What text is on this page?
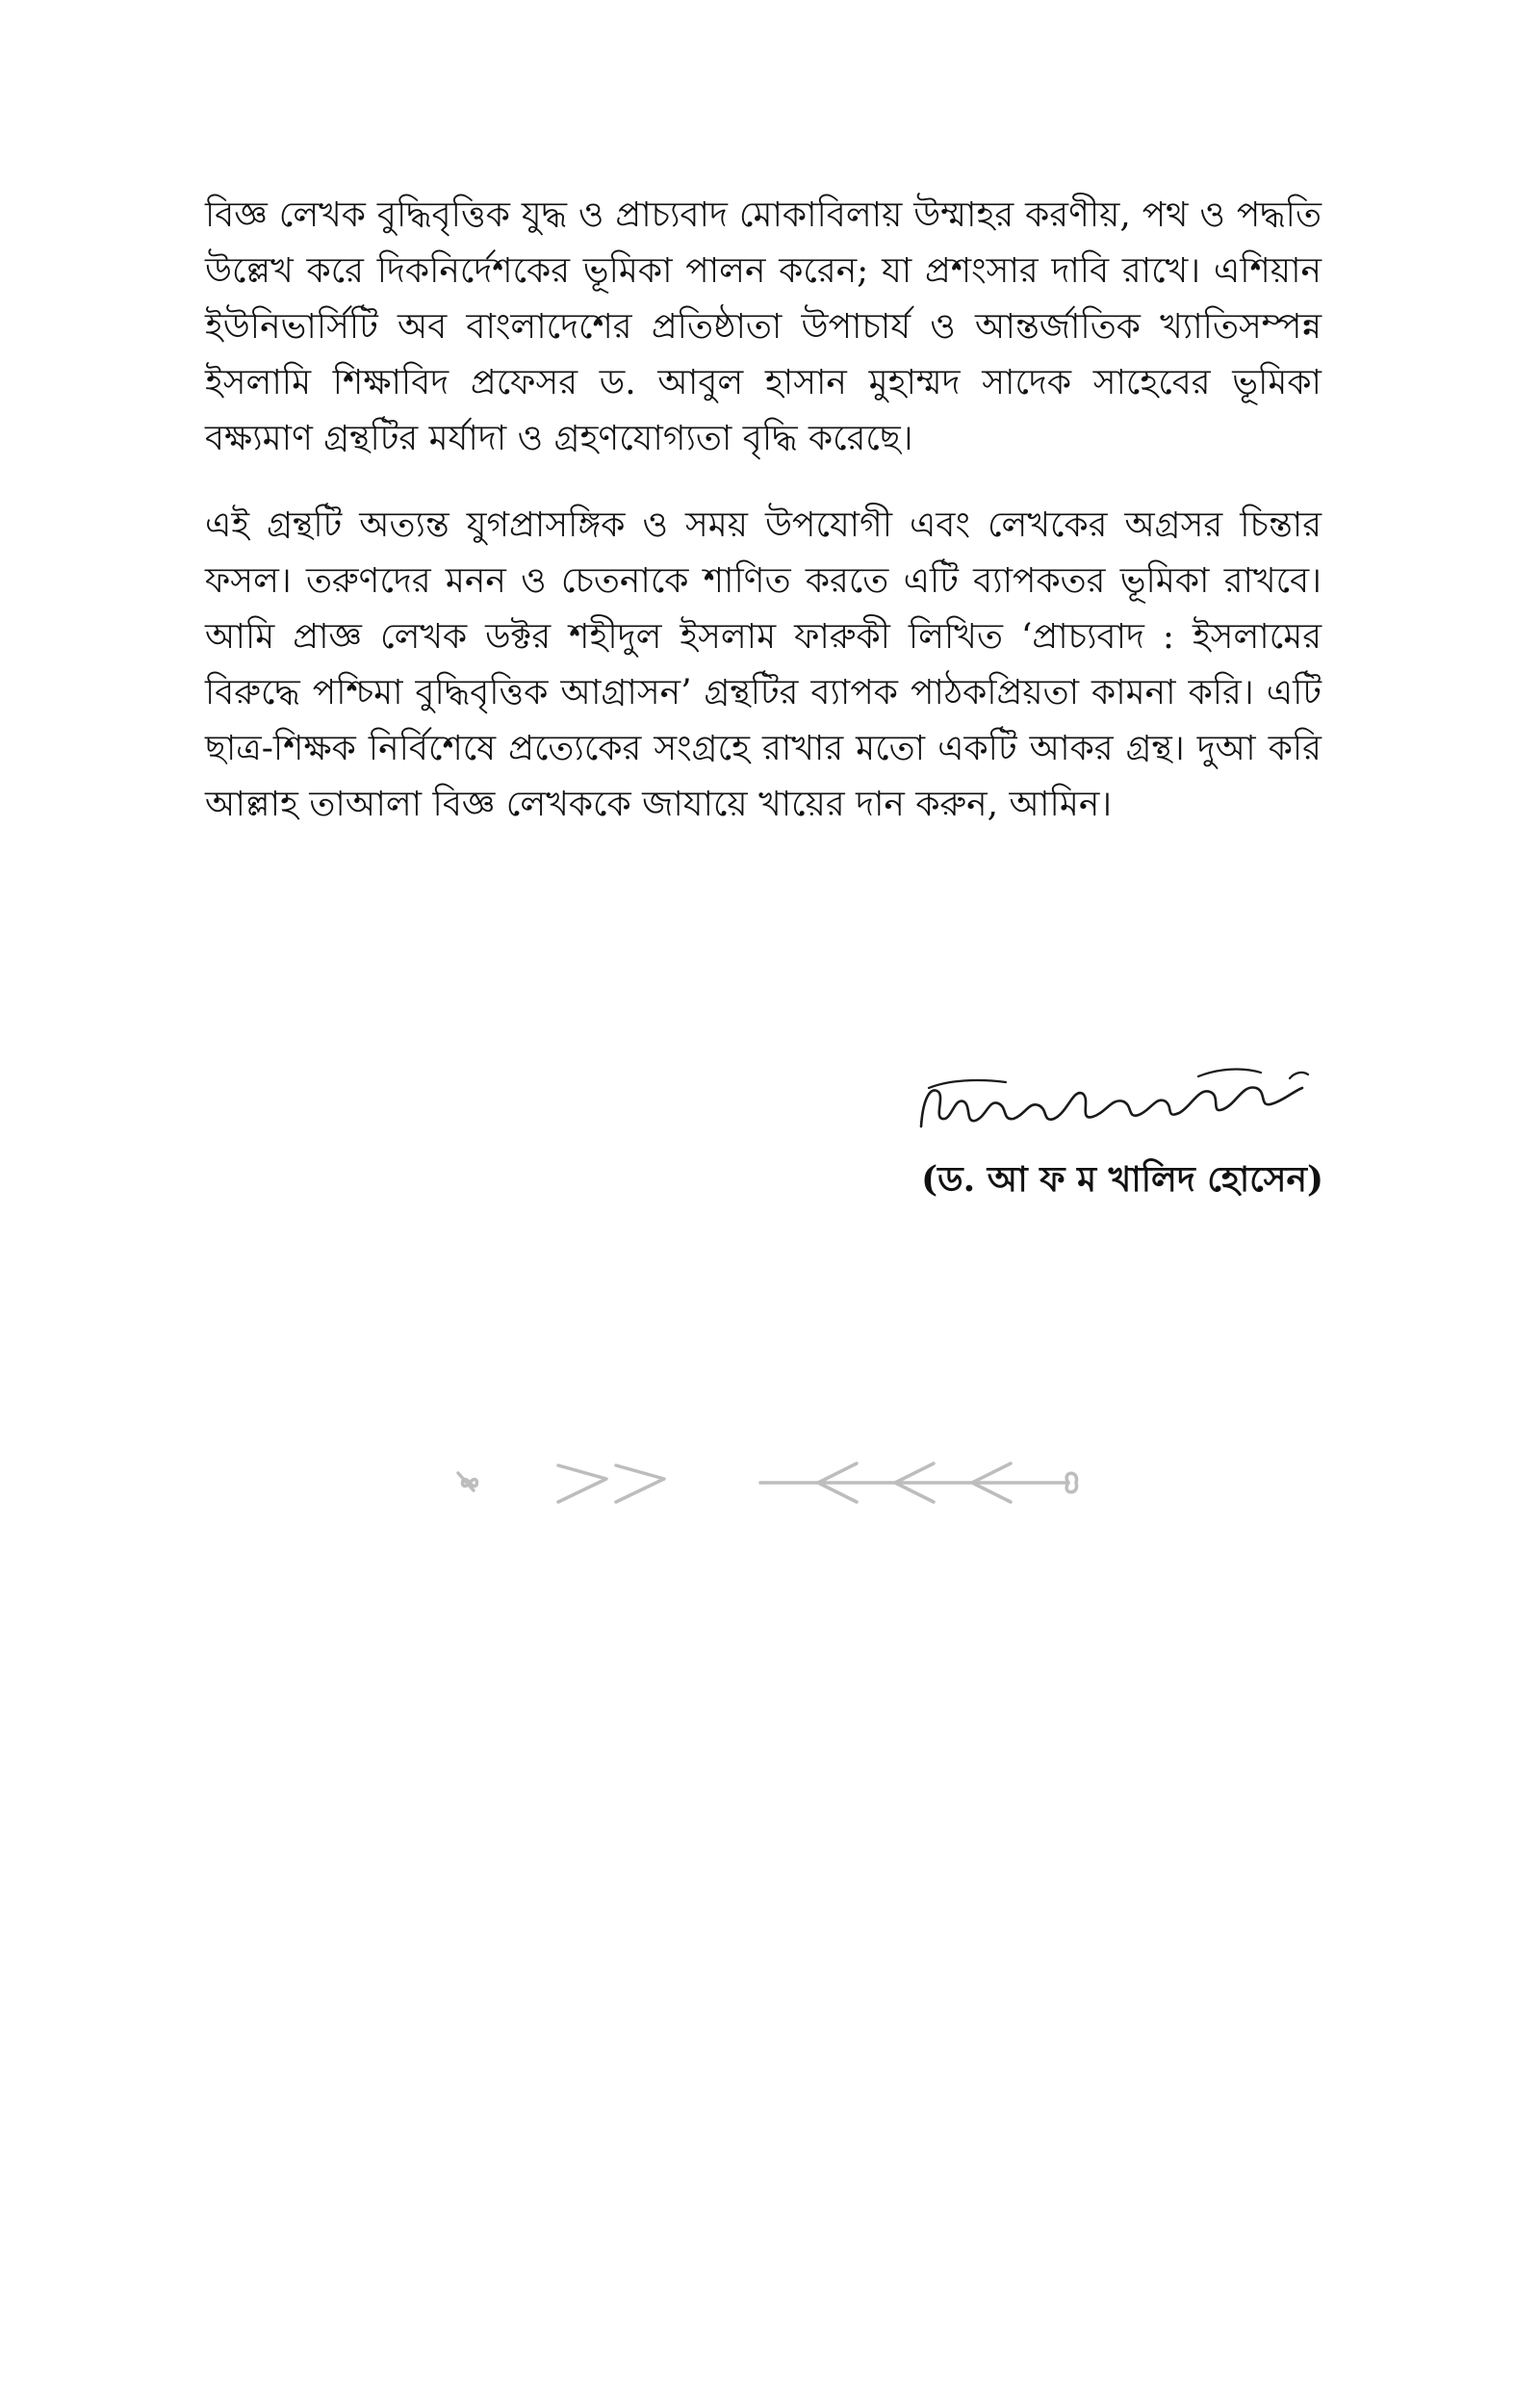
বিজ্ঞ লেখক বুদ্ধিবৃত্তিক যুদ্ধ ও প্রাচ্যবাদ মোকাবিলায় উম্মাহর করণীয়, পথ ও পদ্ধতি উল্লেখ করে দিকনির্দেশকের ভূমিকা পালন করেন; যা প্রশংসার দাবি রাখে। এশিয়ান ইউনিভার্সিটি অব বাংলাদেশের প্রতিষ্ঠাতা উপাচার্য ও আন্তর্জাতিক খ্যাতিসম্পন্ন ইসলামি শিক্ষাবিদ প্রফেসর ড. আবুল হাসান মুহাম্মদ সাদেক সাহেবের ভূমিকা বক্ষ্যমাণ গ্রন্থটির মর্যাদা ও গ্রহণযোগ্যতা বৃদ্ধি করেছে।

এই গ্রন্থটি অত্যন্ত যুগপ্রাসঙ্গিক ও সময় উপযোগী এবং লেখকের অগ্রসর চিন্তার ফসল। তরুণদের মনন ও চেতনাকে শাণিত করতে এটি ব্যাপকতর ভূমিকা রাখবে। আমি প্রাজ্ঞ লেখক ডক্টর শহীদুল ইসলাম ফারুকী লিখিত ‘প্রাচ্যবাদ : ইসলামের বিরুদ্ধে পশ্চিমা বুদ্ধিবৃত্তিক আগ্রাসন’ গ্রন্থটির ব্যাপক পাঠকপ্রিয়তা কামনা করি। এটি ছাত্র-শিক্ষক নির্বিশেষে প্রত্যেকের সংগ্রহে রাখার মতো একটি আকর গ্রন্থ। দুআ করি আল্লাহ তাআলা বিজ্ঞ লেখককে জাযায়ে খায়ের দান করুন, আমিন।

(ড. আ ফ ম খালিদ হোসেন)
